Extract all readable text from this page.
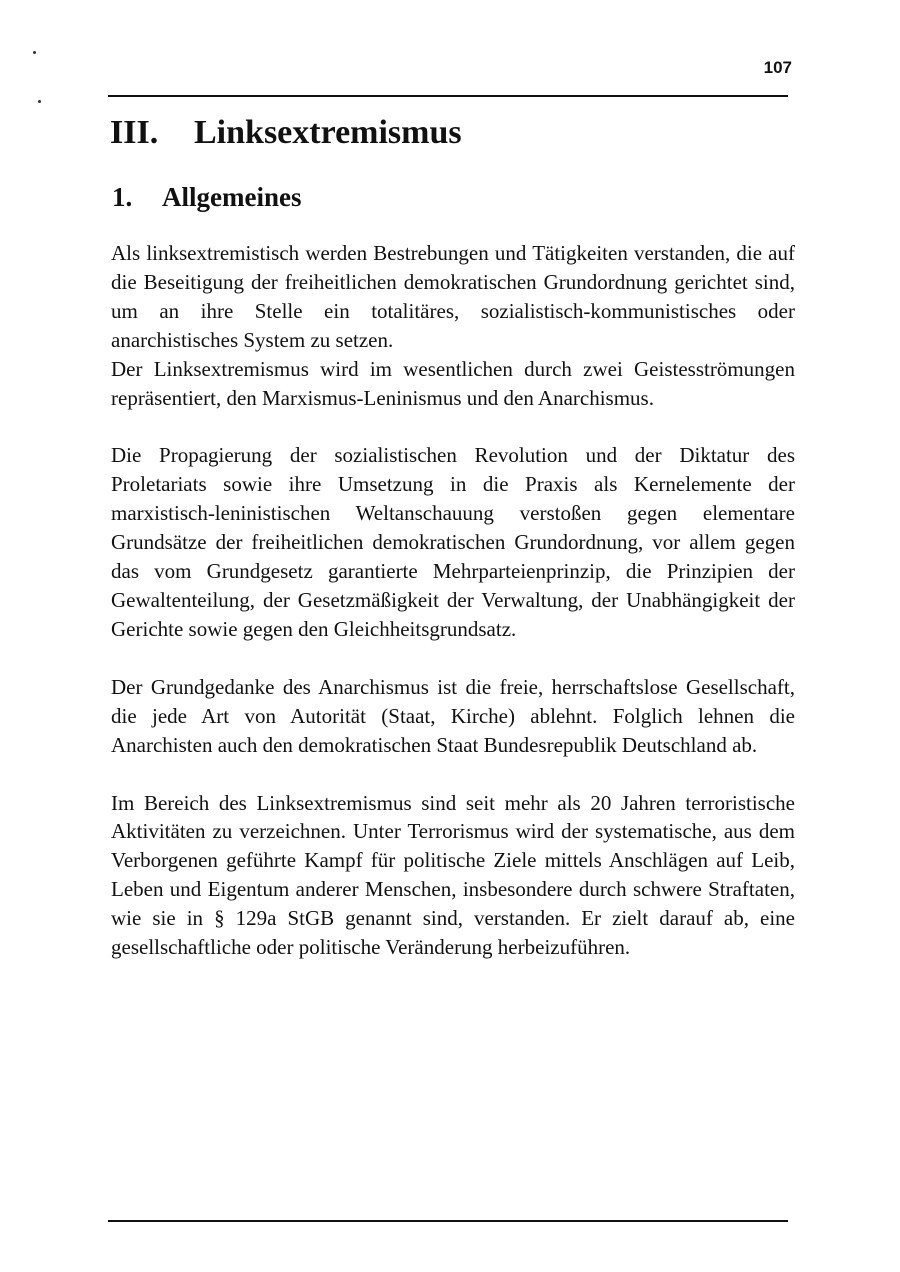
107
III. Linksextremismus
1. Allgemeines

Als linksextremistisch werden Bestrebungen und Tätigkeiten verstanden, die auf die Beseitigung der freiheitlichen demokratischen Grundordnung gerichtet sind, um an ihre Stelle ein totalitäres, sozialistisch-kommunistisches oder anarchistisches System zu setzen.

Der Linksextremismus wird im wesentlichen durch zwei Geistesströmungen repräsentiert, den Marxismus-Leninismus und den Anarchismus.

Die Propagierung der sozialistischen Revolution und der Diktatur des Proletariats sowie ihre Umsetzung in die Praxis als Kernelemente der marxistisch-leninistischen Weltanschauung verstoßen gegen elementare Grundsätze der freiheitlichen demokratischen Grundordnung, vor allem gegen das vom Grundgesetz garantierte Mehrparteienprinzip, die Prinzipien der Gewaltenteilung, der Gesetzmäßigkeit der Verwaltung, der Unabhängigkeit der Gerichte sowie gegen den Gleichheitsgrundsatz.

Der Grundgedanke des Anarchismus ist die freie, herrschaftslose Gesellschaft, die jede Art von Autorität (Staat, Kirche) ablehnt. Folglich lehnen die Anarchisten auch den demokratischen Staat Bundesrepublik Deutschland ab.

Im Bereich des Linksextremismus sind seit mehr als 20 Jahren terroristische Aktivitäten zu verzeichnen. Unter Terrorismus wird der systematische, aus dem Verborgenen geführte Kampf für politische Ziele mittels Anschlägen auf Leib, Leben und Eigentum anderer Menschen, insbesondere durch schwere Straftaten, wie sie in § 129a StGB genannt sind, verstanden. Er zielt darauf ab, eine gesellschaftliche oder politische Veränderung herbeizuführen.
